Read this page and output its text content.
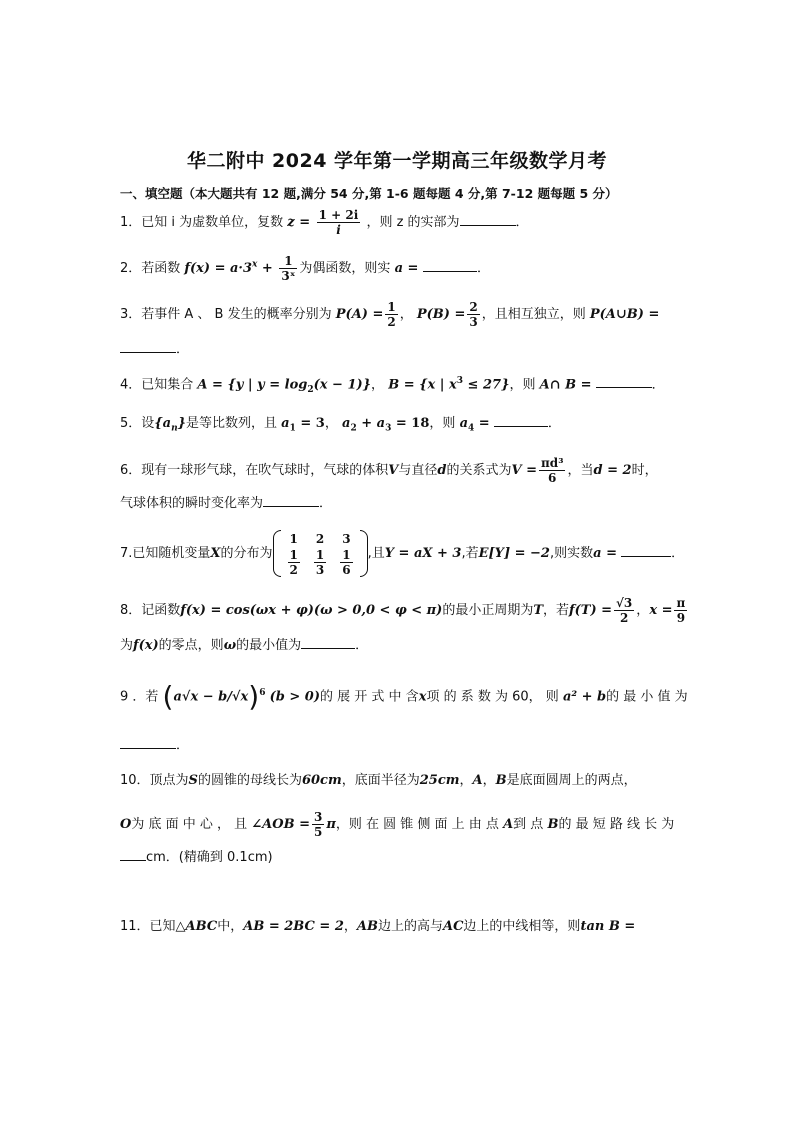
华二附中 2024 学年第一学期高三年级数学月考
一、填空题（本大题共有 12 题,满分 54 分,第 1-6 题每题 4 分,第 7-12 题每题 5 分）
1．已知 i 为虚数单位，复数 $z = \frac{1 + 2i}{i}$ ，则 z 的实部为	．
2．若函数 $f(x) = a\cdot 3^x + \frac{1}{\text{3ˣ}}$ 为偶函数，则实 a =	．
3．若事件 A 、 B 发生的概率分别为 $P(A) = \frac{1}{2}$ ， $P(B) = \frac{2}{3}$ ，且相互独立，则 P(A∪B) =
．
4．已知集合 A = {y | $y = \log_2(x - 1)$}， B = {x | $x^3 \le 27$}，则 A∩ B =	．
5．设$\{a_n\}$是等比数列，且 $a_1 = 3$， $a_2 + a_3 = 18$，则 $a_4$ =	．
6．现有一球形气球，在吹气球时，气球的体积V与直径d的关系式为$V = \frac{\text{πd³}}{6}$ ，当d = 2时，
气球体积的瞬时变化率为	．
7.已知随机变量X的分布为
1	2	3

$\frac{1}{2}$	$\frac{1}{3}$	$\frac{1}{6}$ ,且Y = aX + 3,若E[Y] = −2,则实数a =	．
8．记函数f(x) = cos(ωx + φ)(ω > 0,0 < φ < π)的最小正周期为T，若$f(T) = \frac{√3}{2}$ ，$x = \frac{\pi}{9}$
为f(x)的零点，则ω的最小值为	．
9 ．若 $(a√x - b/√x)^6$ (b > 0)的 展 开 式 中 含x项 的 系 数 为 60， 则 a² + b的 最 小 值 为
．
10．顶点为S的圆锥的母线长为60cm，底面半径为25cm，A，B是底面圆周上的两点，
O为 底 面 中 心 ， 且 ∠AOB = $\frac{3}{5}$ π，则 在 圆 锥 侧 面 上 由 点 A到 点 B的 最 短 路 线 长 为
cm．(精确到 0.1cm)
11．已知△ABC中，AB = 2BC = 2，AB边上的高与AC边上的中线相等，则tan B =
